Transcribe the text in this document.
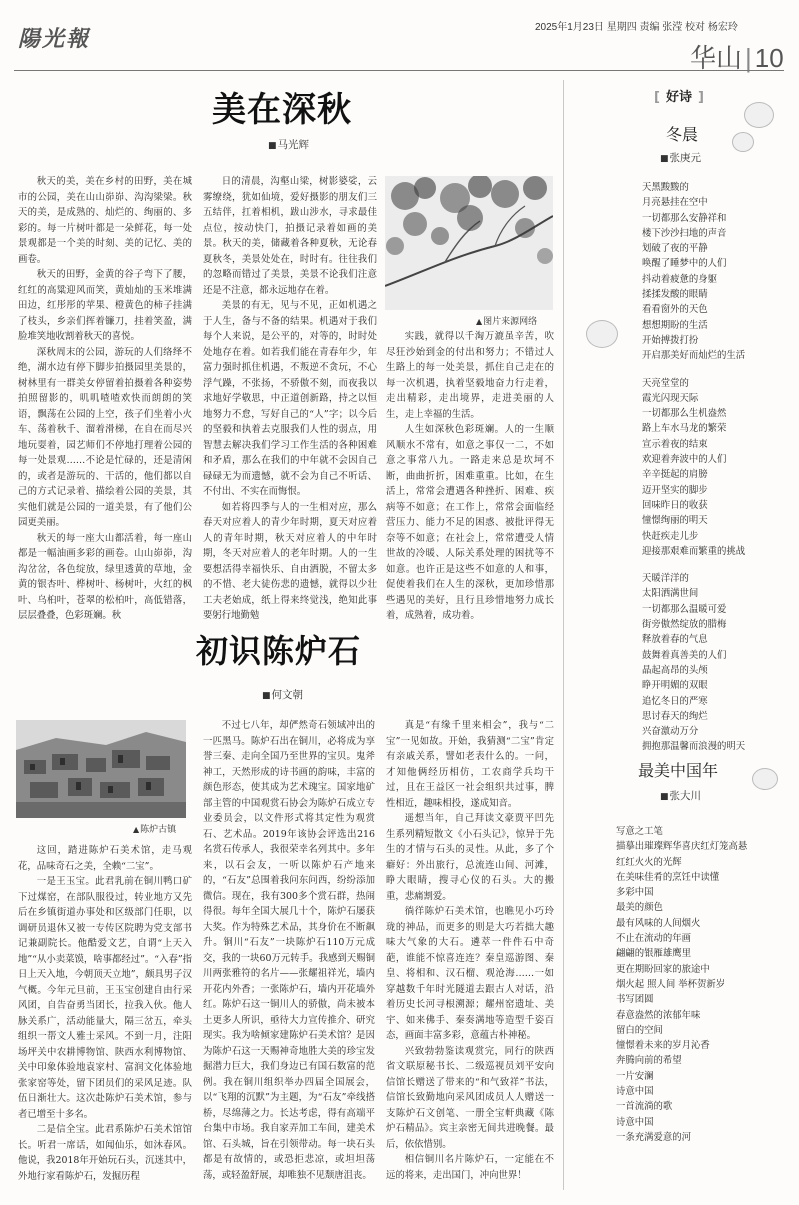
陽光報	2025年1月23日 星期四 责编 张滢 校对 杨宏玲
华山 | 10
美在深秋
■ 马光辉

秋天的美，美在乡村的田野，美在城市的公园，美在山山峁峁、沟沟梁梁。秋天的美，是成熟的、灿烂的、绚丽的、多彩的。每一片树叶都是一朵鲜花，每一处景观都是一个美的时刻、美的记忆、美的画卷。

秋天的田野，金黄的谷子弯下了腰，红红的高粱迎风而笑，黄灿灿的玉米堆满田边，红彤彤的苹果、橙黄色的柿子挂满了枝头，乡亲们挥着镰刀，挂着笑盈，满脸堆笑地收割着秋天的喜悦。

深秋周末的公园，游玩的人们络绎不绝，湖水边有停下脚步拍摄园里美景的，树林里有一群美女停留着拍摄着各种姿势拍照留影的，叽叽喳喳欢快而朗朗的笑语，飘荡在公园的上空，孩子们坐着小火车、荡着秋千、溜着滑梯，在自在而尽兴地玩耍着，园艺师们不停地打理着公园的每一处景观……不论是忙碌的，还是清闲的，或者是游玩的、干活的，他们都以自己的方式记录着、描绘着公园的美景，其实他们就是公园的一道美景，有了他们公园更美丽。

秋天的每一座大山都活着，每一座山都是一幅油画多彩的画卷。山山峁峁，沟沟岔岔，各色绽放，绿里透黄的草地，金黄的银杏叶、桦树叶、杨树叶，火红的枫叶、乌桕叶，苍翠的松柏叶，高低错落，层层叠叠，色彩斑斓。秋

日的清晨，沟壑山梁，树影婆娑，云雾缭绕，犹如仙境，爱好摄影的朋友们三五结伴，扛着相机，跋山涉水，寻求最佳点位，按动快门，拍摄记录着如画的美景。秋天的美，储藏着各种夏秋，无论春夏秋冬，美景处处在，时时有。往往我们的忽略而错过了美景，美景不论我们注意还是不注意，都永远地存在着。

美景的有无，见与不见，正如机遇之于人生，备与不备的结果。机遇对于我们每个人来说，是公平的，对等的，时时处处地存在着。如若我们能在青春年少，年富力强时抓住机遇，不叛逆不贪玩，不心浮气躁，不张扬，不骄傲不刻，而夜我以求地好学敬思，中正道创新路，持之以恒地努力不怠，写好自己的“人”字；以今后的坚毅和执着去克服我们人性的弱点，用智慧去解决我们学习工作生活的各种困难和矛盾，那么在我们的中年就不会因自己碌碌无为而遗憾，就不会为自己不听话、不付出、不实在而悔恨。

如若将四季与人的一生相对应，那么春天对应着人的青少年时期，夏天对应着人的青年时期，秋天对应着人的中年时期，冬天对应着人的老年时期。人的一生要想活得幸福快乐、自由洒脱，不留太多的不惜、老大徒伤悲的遗憾，就得以少壮工夫老始成，纸上得来终觉浅，绝知此事要躬行地勤勉

▲ 图片来源网络

实践，就得以千淘万漉虽辛苦，吹尽狂沙始到金的付出和努力；不错过人生路上的每一处美景，抓住自己走在的每一次机遇，执着坚毅地奋力行走着，走出精彩，走出境界，走进美丽的人生，走上幸福的生活。

人生如深秋色彩斑斓。人的一生顺风顺水不常有，如意之事仅一二，不如意之事常八九。一路走来总是坎坷不断，曲曲折折，困难重重。比如，在生活上，常常会遭遇各种挫折、困难、疾病等不如意；在工作上，常常会面临经营压力、能力不足的困惑、被批评得无奈等不如意；在社会上，常常遭受人情世故的冷暖、人际关系处理的困扰等不如意。也许正是这些不如意的人和事，促使着我们在人生的深秋，更加珍惜那些遇见的美好，且行且珍惜地努力成长着，成熟着，成功着。

初识陈炉石
■ 何文朝
▲ 陈炉古镇

这回，踏进陈炉石美术馆，走马观花，品味奇石之美，全赖“二宝”。

一是王玉宝。此君乳前在铜川鸭口矿下过煤窑，在部队服役过，转业地方又先后在乡镇街道办事处和区级部门任职，以调研员退休又被一专传区院聘为党支部书记兼副院长。他酷爱文艺，自谓“上天入地”“从小卖菜馍，啥事都经过”。“入春”指日上天入地，今朝顶天立地”，颇具男子汉气概。今年元旦前，王玉宝创建自由行采风团，自告奋勇当团长，拉我入伙。他人脉关系广，活动能量大，隔三岔五，牵头组织一帮文人雅士采风。不到一月，注阳场坪关中农耕博物馆、陕西水利博物馆、关中印象体验地袁家村、富润文化体验地张家窑等处，留下团员们的采风足迹。队伍日渐壮大。这次赴陈炉石美术馆，参与者已增至十多名。

二是信全宝。此君系陈炉石美术馆馆长。听君一席话，如闻仙乐，如沐春风。他说，我2018年开始玩石头，沉迷其中，外地行家看陈炉石，发掘历程

不过七八年，却俨然奇石领域冲出的一匹黑马。陈炉石出在铜川，必将成为享誉三秦、走向全国乃至世界的宝贝。鬼斧神工，天然形成的诗书画的韵味，丰富的颜色形态，使其成为艺术瑰宝。国家地矿部主管的中国观赏石协会为陈炉石成立专业委员会，以文件形式将其定性为观赏石、艺术品。2019年该协会评选出216名赏石传承人，我很荣幸名列其中。多年来，以石会友，一听以陈炉石产地来的，“石友”总围着我问东问西，纷纷添加微信。现在，我有300多个赏石群，热闹得很。每年全国大展几十个，陈炉石屡获大奖。作为特殊艺术品，其身价在不断飙升。铜川“石友”一块陈炉石110万元成交，我的一块60万元转手。我感到天赐铜川两张雅符的名片——张耀祖祥光，墙内开花内外香；一张陈炉石，墙内开花墙外红。陈炉石这一铜川人的骄傲，尚未被本土更多人所识，亟待大力宣传推介、研究现实。我为啥倾家建陈炉石美术馆？是因为陈炉石这一天赐神奇地胜大美的珍宝发掘潜力巨大，我们身边已有国石数富的范例。我在铜川组织举办四届全国展会，以“飞翔的沉默”为主题，为“石友”牵线搭桥，尽绵薄之力。长达考虑，得有高端平台集中市场。我自家弄加工车间，建美术馆、石头城，旨在引领带动。每一块石头都是有故情的，或恐拒悲凉，或坦坦荡荡，或轻盈舒展，却唯独不见颓唐沮丧。

真是“有缘千里来相会”，我与“二宝”一见如故。开始，我猜测“二宝”肯定有亲戚关系，譬如老表什么的。一问，才知他俩经历相仿，工农商学兵均干过，且在王益区一社会组织共过事，脾性相近，趣味相投，遂成知音。

遥想当年，自己拜读文豪贾平凹先生系列精短散文《小石头记》，惊异于先生的才情与石头的灵性。从此，多了个癖好：外出旅行，总流连山间、河滩，睁大眼睛，搜寻心仪的石头。大的搬重，悲痛割爱。

徜徉陈炉石美术馆，也瞧见小巧玲珑的神品，而更多的则是大巧若拙大趣味大气象的大石。遴萃一件件石中奇葩，谁能不惊喜连连？秦皇巡游图、秦皇、将相和、汉石榴、观沧海……一如穿越数千年时光隧道去跟古人对话，沿着历史长河寻根溯源；耀州窑遗址、美宇、如来佛手、秦奏满地等造型千姿百态，画面丰富多彩，意蕴古朴神秘。

兴致勃勃鉴读观赏完，同行的陕西省文联原秘书长、二级巡视员刘平安向信馆长赠送了带来的“和气致祥”书法，信馆长致勤地向采风团成员人人赠送一支陈炉石文创笔、一册全宝軒典藏《陈炉石精品》。宾主亲密无间共进晚餐。最后，依依惜别。

相信铜川名片陈炉石，一定能在不远的将来，走出国门，冲向世界！

[ 好诗 ]
冬晨
■ 张庚元
天黑黢黢的
月亮悬挂在空中
一切都那么安静祥和
楼下沙沙扫地的声音
划破了夜的平静
唤醒了睡梦中的人们
抖动着疲惫的身躯
揉揉发酸的眼睛
看看窗外的天色
想想期盼的生活
开始搏拨打扮
开启那美好而灿烂的生活
天亮堂堂的
霞光闪现天际
一切都那么生机盎然
路上车水马龙的繁荣
宣示着夜的结束
欢迎着奔波中的人们
辛辛挺起的肩膀
迈开坚实的脚步
回味昨日的收获
憧憬绚丽的明天
快赶疾走儿步
迎接那艰难而繁重的挑战
天暖洋洋的
太阳洒满世间
一切都那么温暖可爱
街旁傲然绽放的腊梅
释放着春的气息
鼓舞着真善美的人们
晶起高昂的头颅
睁开明媚的双眼
追忆冬日的严寒
思讨春天的绚烂
兴奋激动万分
拥抱那温馨而浪漫的明天
最美中国年
■ 张大川
写意之工笔
描摹出璀璨辉华喜庆红灯笼高悬
红红火火的光辉
在美味佳肴的烹饪中读懂
多彩中国
最美的颜色
最有风味的人间烟火
不止在流动的年画
翩翩的银雁雄鹰里
更在期盼回家的旅途中
烟火起 照人间 举杯贺新岁
书写团圆
春意盎然的浓郁年味
留白的空间
憧憬着未来的岁月沁香
奔腾向前的希望
一片安澜
诗意中国
一首流淌的歌
诗意中国
一条充满爱意的河
